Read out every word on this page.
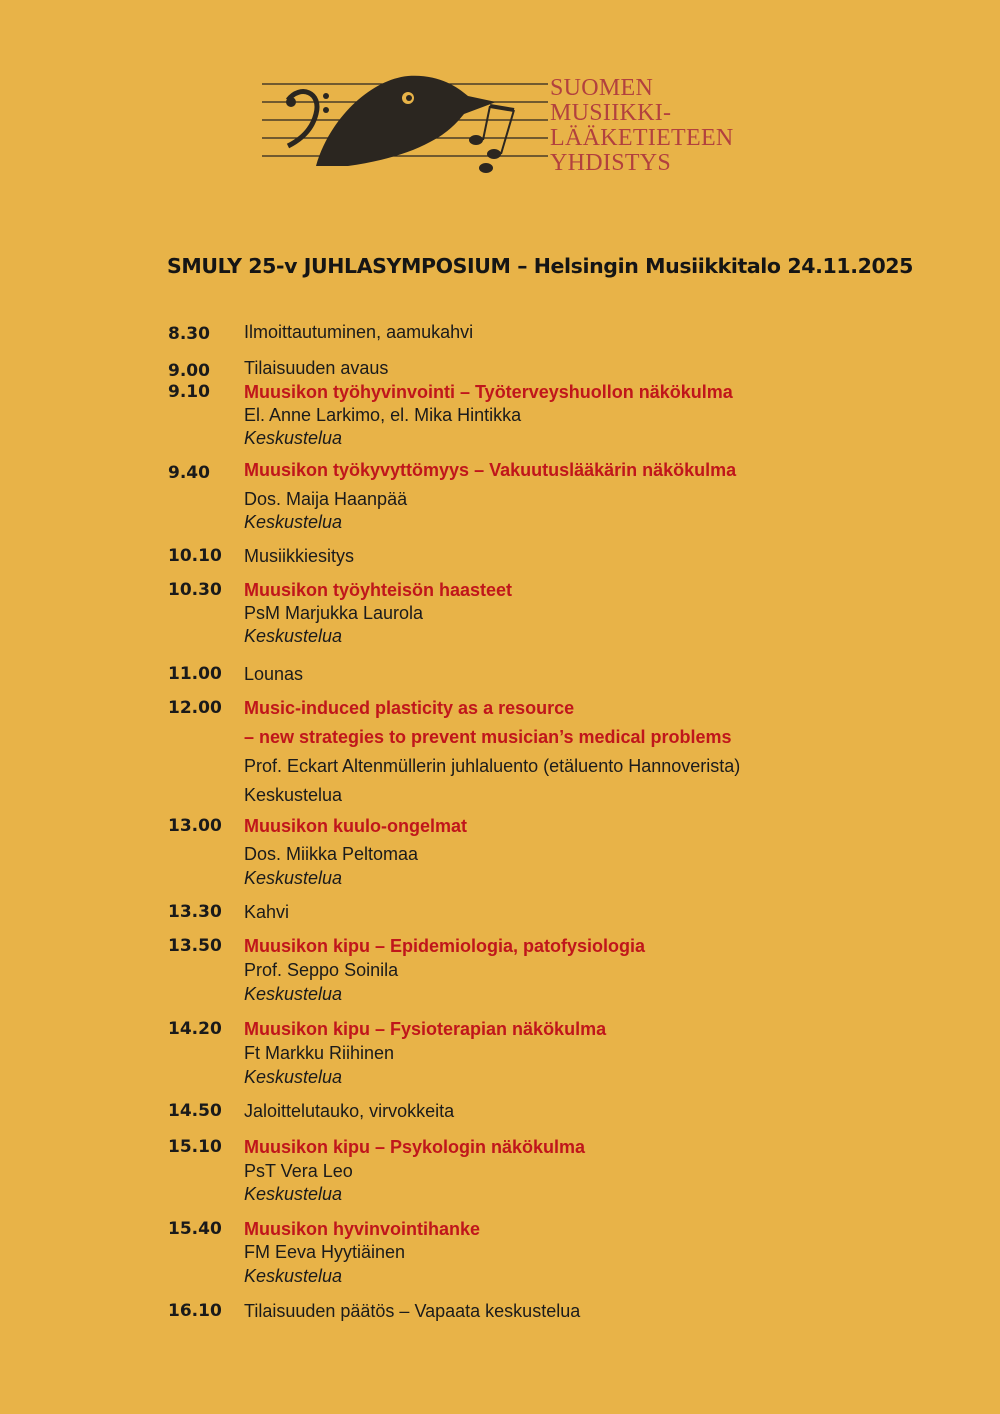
SUOMEN
MUSIIKKI-
LÄÄKETIETEEN
YHDISTYS
SMULY 25-v JUHLASYMPOSIUM – Helsingin Musiikkitalo 24.11.2025
8.30 Ilmoittautuminen, aamukahvi
9.00 Tilaisuuden avaus
9.10 Muusikon työhyvinvointi – Työterveyshuollon näkökulma
El. Anne Larkimo, el. Mika Hintikka
Keskustelua
9.40 Muusikon työkyvyttömyys – Vakuutuslääkärin näkökulma
Dos. Maija Haanpää
Keskustelua
10.10 Musiikkiesitys
10.30 Muusikon työyhteisön haasteet
PsM Marjukka Laurola
Keskustelua
11.00 Lounas
12.00 Music-induced plasticity as a resource
– new strategies to prevent musician’s medical problems
Prof. Eckart Altenmüllerin juhlaluento (etäluento Hannoverista)
Keskustelua
13.00 Muusikon kuulo-ongelmat
Dos. Miikka Peltomaa
Keskustelua
13.30 Kahvi
13.50 Muusikon kipu – Epidemiologia, patofysiologia
Prof. Seppo Soinila
Keskustelua
14.20 Muusikon kipu – Fysioterapian näkökulma
Ft Markku Riihinen
Keskustelua
14.50 Jaloittelutauko, virvokkeita
15.10 Muusikon kipu – Psykologin näkökulma
PsT Vera Leo
Keskustelua
15.40 Muusikon hyvinvointihanke
FM Eeva Hyytiäinen
Keskustelua
16.10 Tilaisuuden päätös – Vapaata keskustelua
